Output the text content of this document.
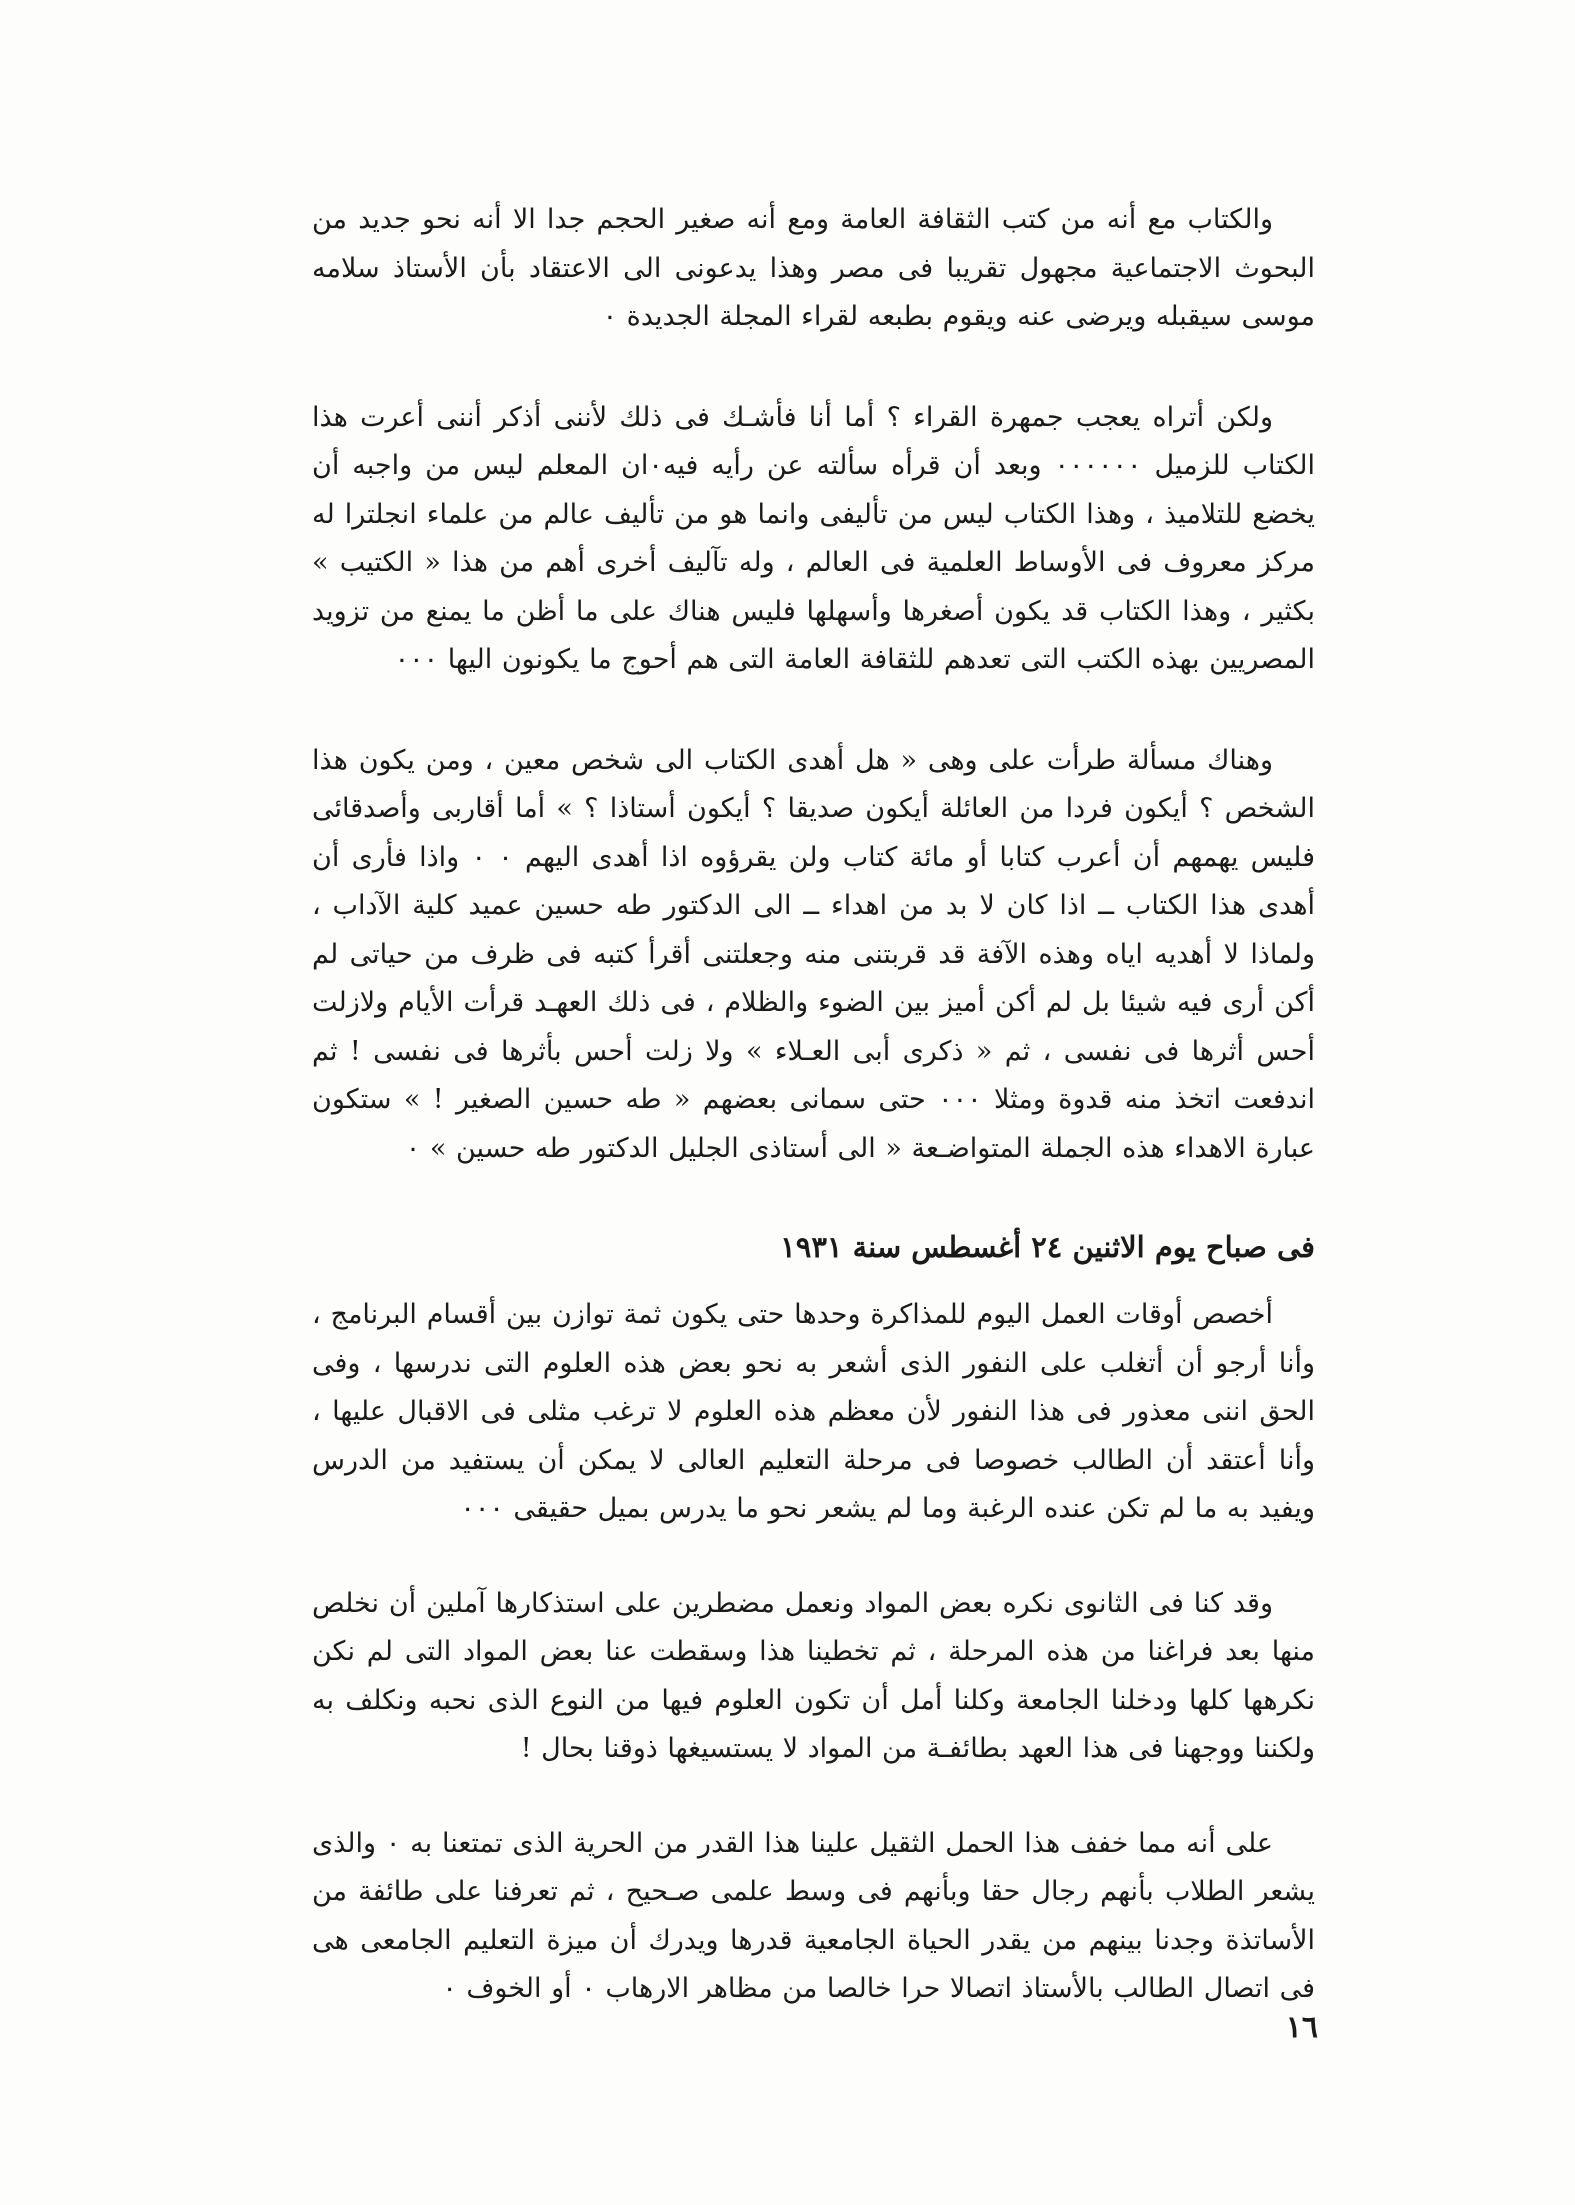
والكتاب مع أنه من كتب الثقافة العامة ومع أنه صغير الحجم جدا الا أنه نحو جديد من البحوث الاجتماعية مجهول تقريبا فى مصر وهذا يدعونى الى الاعتقاد بأن الأستاذ سلامه موسى سيقبله ويرضى عنه ويقوم بطبعه لقراء المجلة الجديدة ٠

ولكن أتراه يعجب جمهرة القراء ؟ أما أنا فأشـك فى ذلك لأننى أذكر أننى أعرت هذا الكتاب للزميل ٠٠٠٠٠٠ وبعد أن قرأه سألته عن رأيه فيه٠ان المعلم ليس من واجبه أن يخضع للتلاميذ ، وهذا الكتاب ليس من تأليفى وانما هو من تأليف عالم من علماء انجلترا له مركز معروف فى الأوساط العلمية فى العالم ، وله تآليف أخرى أهم من هذا « الكتيب » بكثير ، وهذا الكتاب قد يكون أصغرها وأسهلها فليس هناك على ما أظن ما يمنع من تزويد المصريين بهذه الكتب التى تعدهم للثقافة العامة التى هم أحوج ما يكونون اليها ٠٠٠

وهناك مسألة طرأت على وهى « هل أهدى الكتاب الى شخص معين ، ومن يكون هذا الشخص ؟ أيكون فردا من العائلة أيكون صديقا ؟ أيكون أستاذا ؟ » أما أقاربى وأصدقائى فليس يهمهم أن أعرب كتابا أو مائة كتاب ولن يقرؤوه اذا أهدى اليهم ٠ ٠ واذا فأرى أن أهدى هذا الكتاب ــ اذا كان لا بد من اهداء ــ الى الدكتور طه حسين عميد كلية الآداب ، ولماذا لا أهديه اياه وهذه الآفة قد قربتنى منه وجعلتنى أقرأ كتبه فى ظرف من حياتى لم أكن أرى فيه شيئا بل لم أكن أميز بين الضوء والظلام ، فى ذلك العهـد قرأت الأيام ولازلت أحس أثرها فى نفسى ، ثم « ذكرى أبى العـلاء » ولا زلت أحس بأثرها فى نفسى ! ثم اندفعت اتخذ منه قدوة ومثلا ٠٠٠ حتى سمانى بعضهم « طه حسين الصغير ! » ستكون عبارة الاهداء هذه الجملة المتواضـعة « الى أستاذى الجليل الدكتور طه حسين » ٠

فى صباح يوم الاثنين ٢٤ أغسطس سنة ١٩٣١

أخصص أوقات العمل اليوم للمذاكرة وحدها حتى يكون ثمة توازن بين أقسام البرنامج ، وأنا أرجو أن أتغلب على النفور الذى أشعر به نحو بعض هذه العلوم التى ندرسها ، وفى الحق اننى معذور فى هذا النفور لأن معظم هذه العلوم لا ترغب مثلى فى الاقبال عليها ، وأنا أعتقد أن الطالب خصوصا فى مرحلة التعليم العالى لا يمكن أن يستفيد من الدرس ويفيد به ما لم تكن عنده الرغبة وما لم يشعر نحو ما يدرس بميل حقيقى ٠٠٠

وقد كنا فى الثانوى نكره بعض المواد ونعمل مضطرين على استذكارها آملين أن نخلص منها بعد فراغنا من هذه المرحلة ، ثم تخطينا هذا وسقطت عنا بعض المواد التى لم نكن نكرهها كلها ودخلنا الجامعة وكلنا أمل أن تكون العلوم فيها من النوع الذى نحبه ونكلف به ولكننا ووجهنا فى هذا العهد بطائفـة من المواد لا يستسيغها ذوقنا بحال !

على أنه مما خفف هذا الحمل الثقيل علينا هذا القدر من الحرية الذى تمتعنا به ٠ والذى يشعر الطلاب بأنهم رجال حقا وبأنهم فى وسط علمى صـحيح ، ثم تعرفنا على طائفة من الأساتذة وجدنا بينهم من يقدر الحياة الجامعية قدرها ويدرك أن ميزة التعليم الجامعى هى فى اتصال الطالب بالأستاذ اتصالا حرا خالصا من مظاهر الارهاب ٠ أو الخوف ٠

١٦
